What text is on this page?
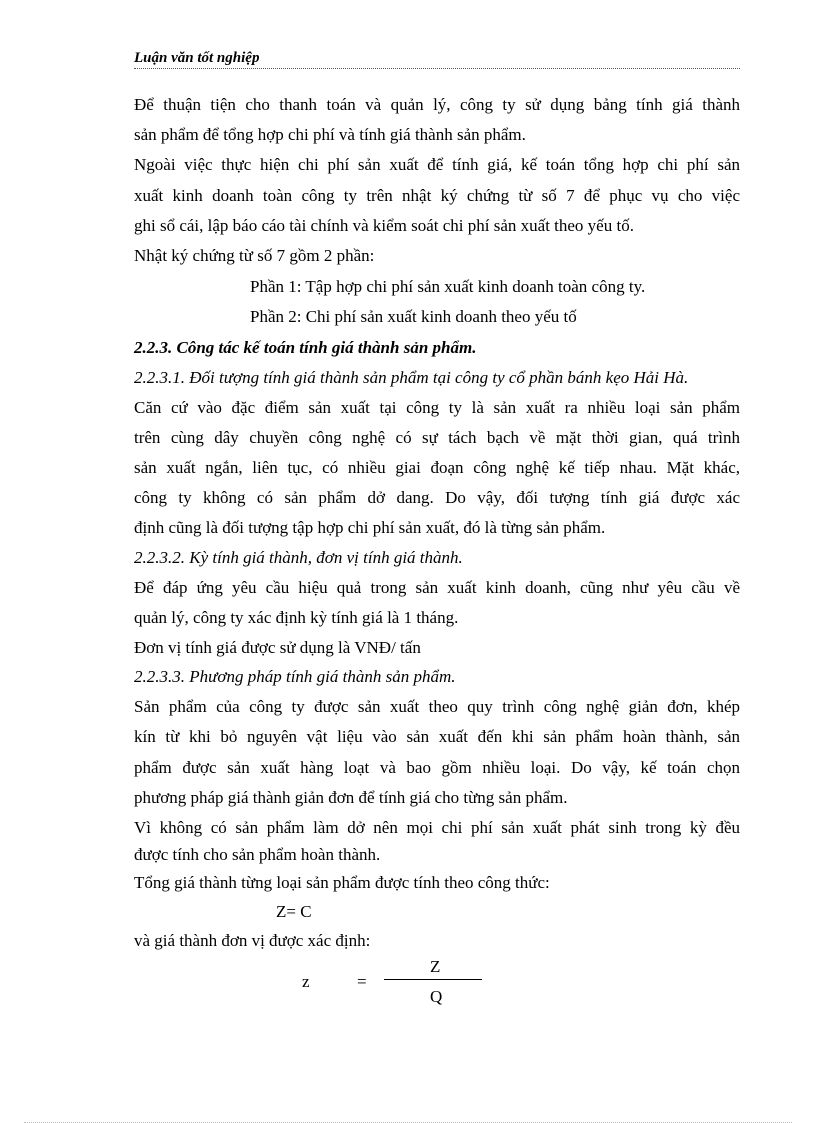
Luận văn tốt nghiệp
Để thuận tiện cho thanh toán và quản lý, công ty sử dụng bảng tính giá thành
sản phẩm để tổng hợp chi phí và tính giá thành sản phẩm.
Ngoài việc thực hiện chi phí sản xuất để tính giá, kế toán tổng hợp chi phí sản
xuất kinh doanh toàn công ty trên nhật ký chứng từ số 7 để phục vụ cho việc
ghi sổ cái, lập báo cáo tài chính và kiểm soát chi phí sản xuất theo yếu tố.
Nhật ký chứng từ số 7 gồm 2 phần:
Phần 1: Tập hợp chi phí sản xuất kinh doanh toàn công ty.
Phần 2: Chi phí sản xuất kinh doanh theo yếu tố
2.2.3. Công tác kế toán tính giá thành sản phẩm.
2.2.3.1. Đối tượng tính giá thành sản phẩm tại công ty cổ phần bánh kẹo Hải Hà.
Căn cứ vào đặc điểm sản xuất tại công ty là sản xuất ra nhiều loại sản phẩm
trên cùng dây chuyền công nghệ có sự tách bạch về mặt thời gian, quá trình
sản xuất ngắn, liên tục, có nhiều giai đoạn công nghệ kế tiếp nhau. Mặt khác,
công ty không có sản phẩm dở dang. Do vậy, đối tượng tính giá được xác
định cũng là đối tượng tập hợp chi phí sản xuất, đó là từng sản phẩm.
2.2.3.2. Kỳ tính giá thành, đơn vị tính giá thành.
Để đáp ứng yêu cầu hiệu quả trong sản xuất kinh doanh, cũng như yêu cầu về
quản lý, công ty xác định kỳ tính giá là 1 tháng.
Đơn vị tính giá được sử dụng là VNĐ/ tấn
2.2.3.3. Phương pháp tính giá thành sản phẩm.
Sản phẩm của công ty được sản xuất theo quy trình công nghệ giản đơn, khép
kín từ khi bỏ nguyên vật liệu vào sản xuất đến khi sản phẩm hoàn thành, sản
phẩm được sản xuất hàng loạt và bao gồm nhiều loại. Do vậy, kế toán chọn
phương pháp giá thành giản đơn để tính giá cho từng sản phẩm.
Vì không có sản phẩm làm dở nên mọi chi phí sản xuất phát sinh trong kỳ đều
được tính cho sản phẩm hoàn thành.
Tổng giá thành từng loại sản phẩm được tính theo công thức:
Z= C
và giá thành đơn vị được xác định:
z	=
Z
Q
